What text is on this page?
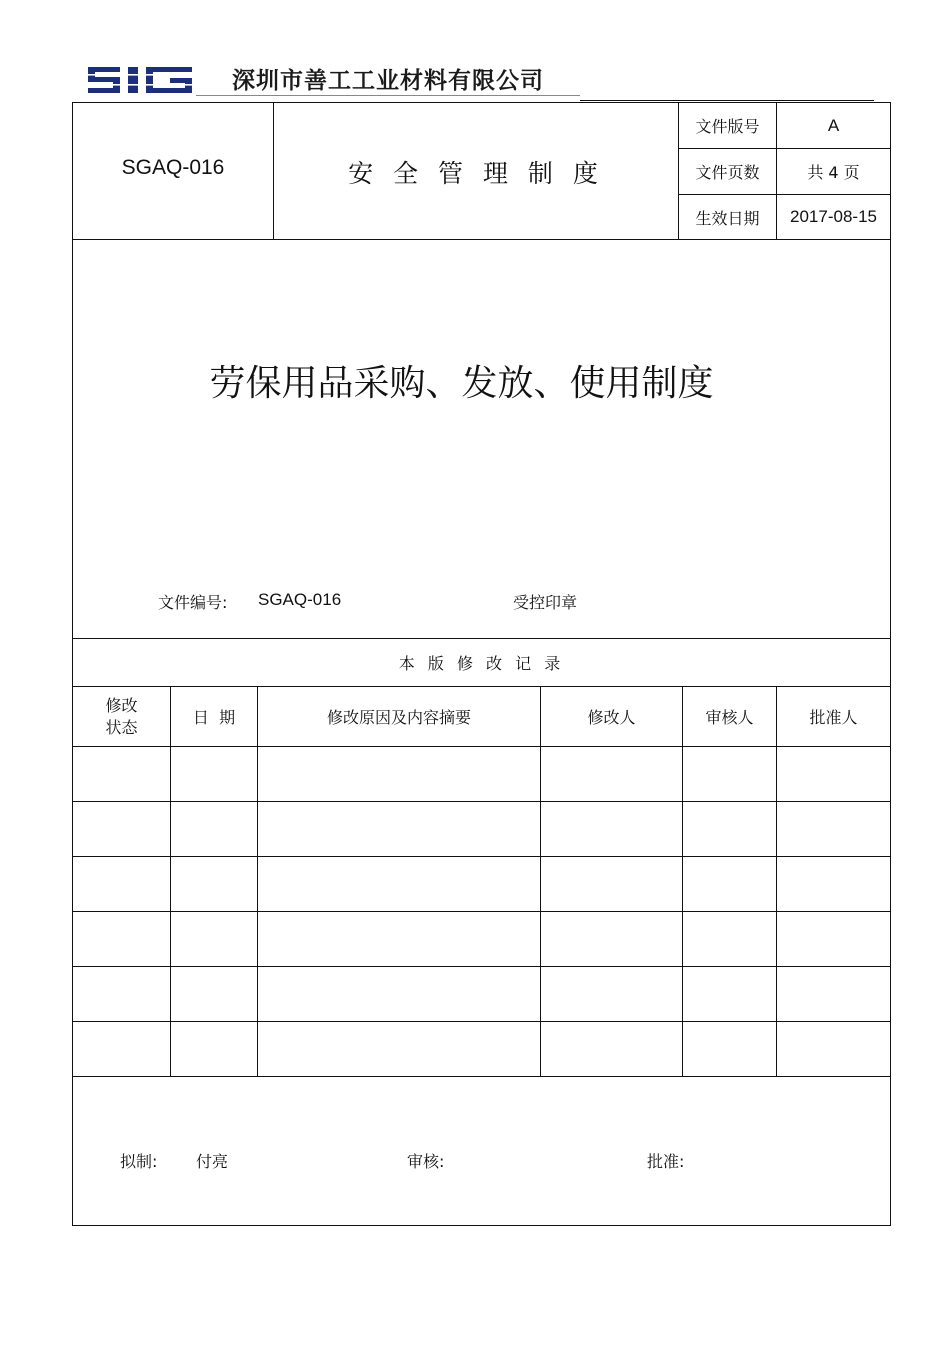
深圳市善工工业材料有限公司
SGAQ-016	安 全 管 理 制 度
文件版号	A
文件页数	共 4 页
生效日期	2017-08-15
劳保用品采购、发放、使用制度
文件编号: SGAQ-016	受控印章
本 版 修 改 记 录
修改
状态	日  期	修改原因及内容摘要	修改人	审核人	批准人
拟制: 付亮	审核:	批准:
